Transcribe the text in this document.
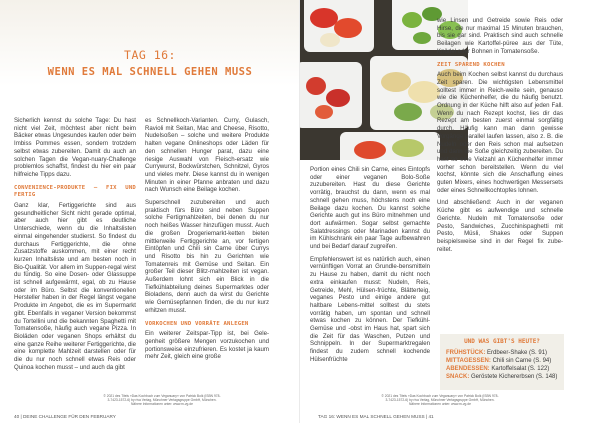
TAG 16:
WENN ES MAL SCHNELL GEHEN MUSS

Sicherlich kennst du solche Tage: Du hast nicht viel Zeit, möchtest aber nicht beim Bäcker etwas Ungesundes kaufen oder beim Imbiss Pommes essen, sondern trotzdem selbst etwas zubereiten. Damit du auch an solchen Tagen die Vegan-nuary-Challenge problemlos schaffst, findest du hier ein paar hilfreiche Tipps dazu.

CONVENIENCE-PRODUKTE – FIX UND FERTIG

Ganz klar, Fertiggerichte sind aus gesundheitlicher Sicht nicht gerade optimal, aber auch hier gibt es deutliche Unterschiede, wenn du die Inhaltslisten einmal eingehender studierst. So findest du durchaus Fertiggerichte, die ohne Zusatzstoffe auskommen, mit einer recht kurzen Inhaltsliste und am besten noch in Bio-Qualität. Vor allem im Suppen-regal wirst du fündig. So eine Dosen- oder Glassuppe ist schnell aufgewärmt, egal, ob zu Hause oder im Büro. Selbst die konventionellen Hersteller haben in der Regel längst vegane Produkte im Angebot, die es im Supermarkt gibt. Ebenfalls in veganer Version bekommst du Tortellini und die bekannten Spaghetti mit Tomatensoße, häufig auch vegane Pizza. In Bioläden oder veganen Shops erhältst du eine ganze Reihe weiterer Fertiggerichte, die eine komplette Mahlzeit darstellen oder für die du nur noch schnell etwas Reis oder Quinoa kochen musst – und auch da gibt

es Schnellkoch-Varianten. Curry, Gulasch, Ravioli mit Seitan, Mac and Cheese, Risotto, Nudelsoßen – solche und weitere Produkte halten vegane Onlineshops oder Läden für den schnellen Hunger parat, dazu eine riesige Auswahl von Fleisch-ersatz wie Currywurst, Bockwürstchen, Schnitzel, Gyros und vieles mehr. Diese kannst du in wenigen Minuten in einer Pfanne anbraten und dazu nach Wunsch eine Beilage kochen.

Superschnell zuzubereiten und auch praktisch fürs Büro sind neben Suppen solche Fertigmahlzeiten, bei denen du nur noch heißes Wasser hinzufügen musst. Auch die großen Drogeriemarkt-ketten bieten mittlerweile Fertiggerichte an, vor fertigen Eintöpfen und Chili sin Carne über Currys und Risotto bis hin zu Gerichten wie Tomatenreis mit Gemüse und Seitan. Ein großer Teil dieser Blitz-mahlzeiten ist vegan. Außerdem lohnt sich ein Blick in die Tiefkühlabteilung deines Supermarktes oder Bioladens, denn auch da wirst du Gerichte wie Gemüsepfannen finden, die du nur kurz erhitzen musst.

VORKOCHEN UND VORRÄTE ANLEGEN

Ein weiterer Zeitspar-Tipp ist, bei Gele-genheit größere Mengen vorzukochen und portionsweise einzufrieren. Es kostet ja kaum mehr Zeit, gleich eine große

© 2021 des Titels »Das Kochbuch zum Veganuary« von Patrick Bolk (ISBN 978-3-7423-1572-6) by riva Verlag, Münchner Verlagsgruppe GmbH, München. Nähere Informationen unter: www.m-vg.de
40 | DEINE CHALLENGE FÜR DEN FEBRUARY

Portion eines Chili sin Carne, eines Eintopfs oder einer veganen Bolo-Soße zuzubereiten. Hast du diese Gerichte vorrätig, brauchst du dann, wenn es mal schnell gehen muss, höchstens noch eine Beilage dazu kochen. Du kannst solche Gerichte auch gut ins Büro mitnehmen und dort aufwärmen. Sogar selbst gemachte Salatdressings oder Marinaden kannst du im Kühlschrank ein paar Tage aufbewahren und bei Bedarf darauf zugreifen.

Empfehlenswert ist es natürlich auch, einen vernünftigen Vorrat an Grundle-bensmitteln zu Hause zu haben, damit du nicht noch extra einkaufen musst: Nudeln, Reis, Getreide, Mehl, Hülsen-früchte, Blätterteig, veganes Pesto und einige andere gut haltbare Lebens-mittel solltest du stets vorrätig haben, um spontan und schnell etwas kochen zu können. Der Tiefkühl-Gemüse und -obst im Haus hat, spart sich die Zeit für das Waschen, Putzen und Schnippeln. In der Supermarktregalen findest du zudem schnell kochende Hülsenfrüchte

wie Linsen und Getreide sowie Reis oder Hirse, die nur maximal 15 Minuten brauchen, bis sie gar sind. Praktisch sind auch schnelle Beilagen wie Kartoffel-püree aus der Tüte, Knödel oder Bohnen in Tomatensoße.

ZEIT SPAREND KOCHEN

Auch beim Kochen selbst kannst du durchaus Zeit sparen. Die wichtigsten Lebensmittel solltest immer in Reich-weite sein, genauso wie die Küchenhelfer, die du häufig benutzt. Ordnung in der Küche hilft also auf jeden Fall. Wenn du nach Rezept kochst, lies dir das Rezept am besten zuerst einmal sorgfältig durch. Häufig kann man dann gewisse Vorgänge parallel laufen lassen, also z. B. die Nudeln oder den Reis schon mal aufsetzen und dann die Soße gleichzeitig zubereiten. Du hast so eine Vielzahl an Küchenhelfer immer vorher schon bereitstellen. Wenn du viel kochst, könnte sich die Anschaffung eines guten Mixers, eines hochwertigen Messersets oder eines Schnellkochtopfes lohnen.

Und abschließend: Auch in der veganen Küche gibt es aufwendige und schnelle Gerichte. Nudeln mit Tomatensoße oder Pesto, Sandwiches, Zucchinispaghetti mit Pesto, Müsli, Shakes oder Suppen beispielsweise sind in der Regel fix zube-reitet.

UND WAS GIBT'S HEUTE?
FRÜHSTÜCK: Erdbeer-Shake (S. 91)
MITTAGESSEN: Chili sin Carne (S. 94)
ABENDESSEN: Kartoffelsalat (S. 122)
SNACK: Geröstete Kichererbsen (S. 148)
© 2021 des Titels »Das Kochbuch zum Veganuary« von Patrick Bolk (ISBN 978-3-7423-1572-6) by riva Verlag, Münchner Verlagsgruppe GmbH, München. Nähere Informationen unter: www.m-vg.de
TAG 16: WENN ES MAL SCHNELL GEHEN MUSS | 41
